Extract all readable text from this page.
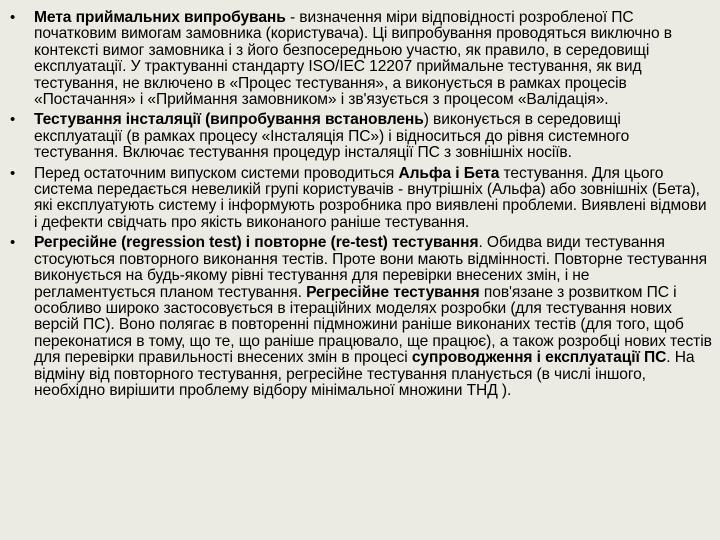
• Мета приймальних випробувань - визначення міри відповідності розробленої ПС початковим вимогам замовника (користувача). Ці випробування проводяться виключно в контексті вимог замовника і з його безпосередньою участю, як правило, в середовищі експлуатації. У трактуванні стандарту ISO/IEC 12207 приймальне тестування, як вид тестування, не включено в «Процес тестування», а виконується в рамках процесів «Постачання» і «Приймання замовником» і зв'язується з процесом «Валідація».
• Тестування інсталяції (випробування встановлень) виконується в середовищі експлуатації (в рамках процесу «Інсталяція ПС») і відноситься до рівня системного тестування. Включає тестування процедур інсталяції ПС з зовнішніх носіїв.
• Перед остаточним випуском системи проводиться Альфа і Бета тестування. Для цього система передається невеликій групі користувачів - внутрішніх (Альфа) або зовнішніх (Бета), які експлуатують систему і інформують розробника про виявлені проблеми. Виявлені відмови і дефекти свідчать про якість виконаного раніше тестування.
• Регресійне (regression test) і повторне (re-test) тестування. Обидва види тестування стосуються повторного виконання тестів. Проте вони мають відмінності. Повторне тестування виконується на будь-якому рівні тестування для перевірки внесених змін, і не регламентується планом тестування. Регресійне тестування пов'язане з розвитком ПС і особливо широко застосовується в ітераційних моделях розробки (для тестування нових версій ПС). Воно полягає в повторенні підмножини раніше виконаних тестів (для того, щоб переконатися в тому, що те, що раніше працювало, ще працює), а також розробці нових тестів для перевірки правильності внесених змін в процесі супроводження і експлуатації ПС. На відміну від повторного тестування, регресійне тестування планується (в числі іншого, необхідно вирішити проблему відбору мінімальної множини ТНД ).
